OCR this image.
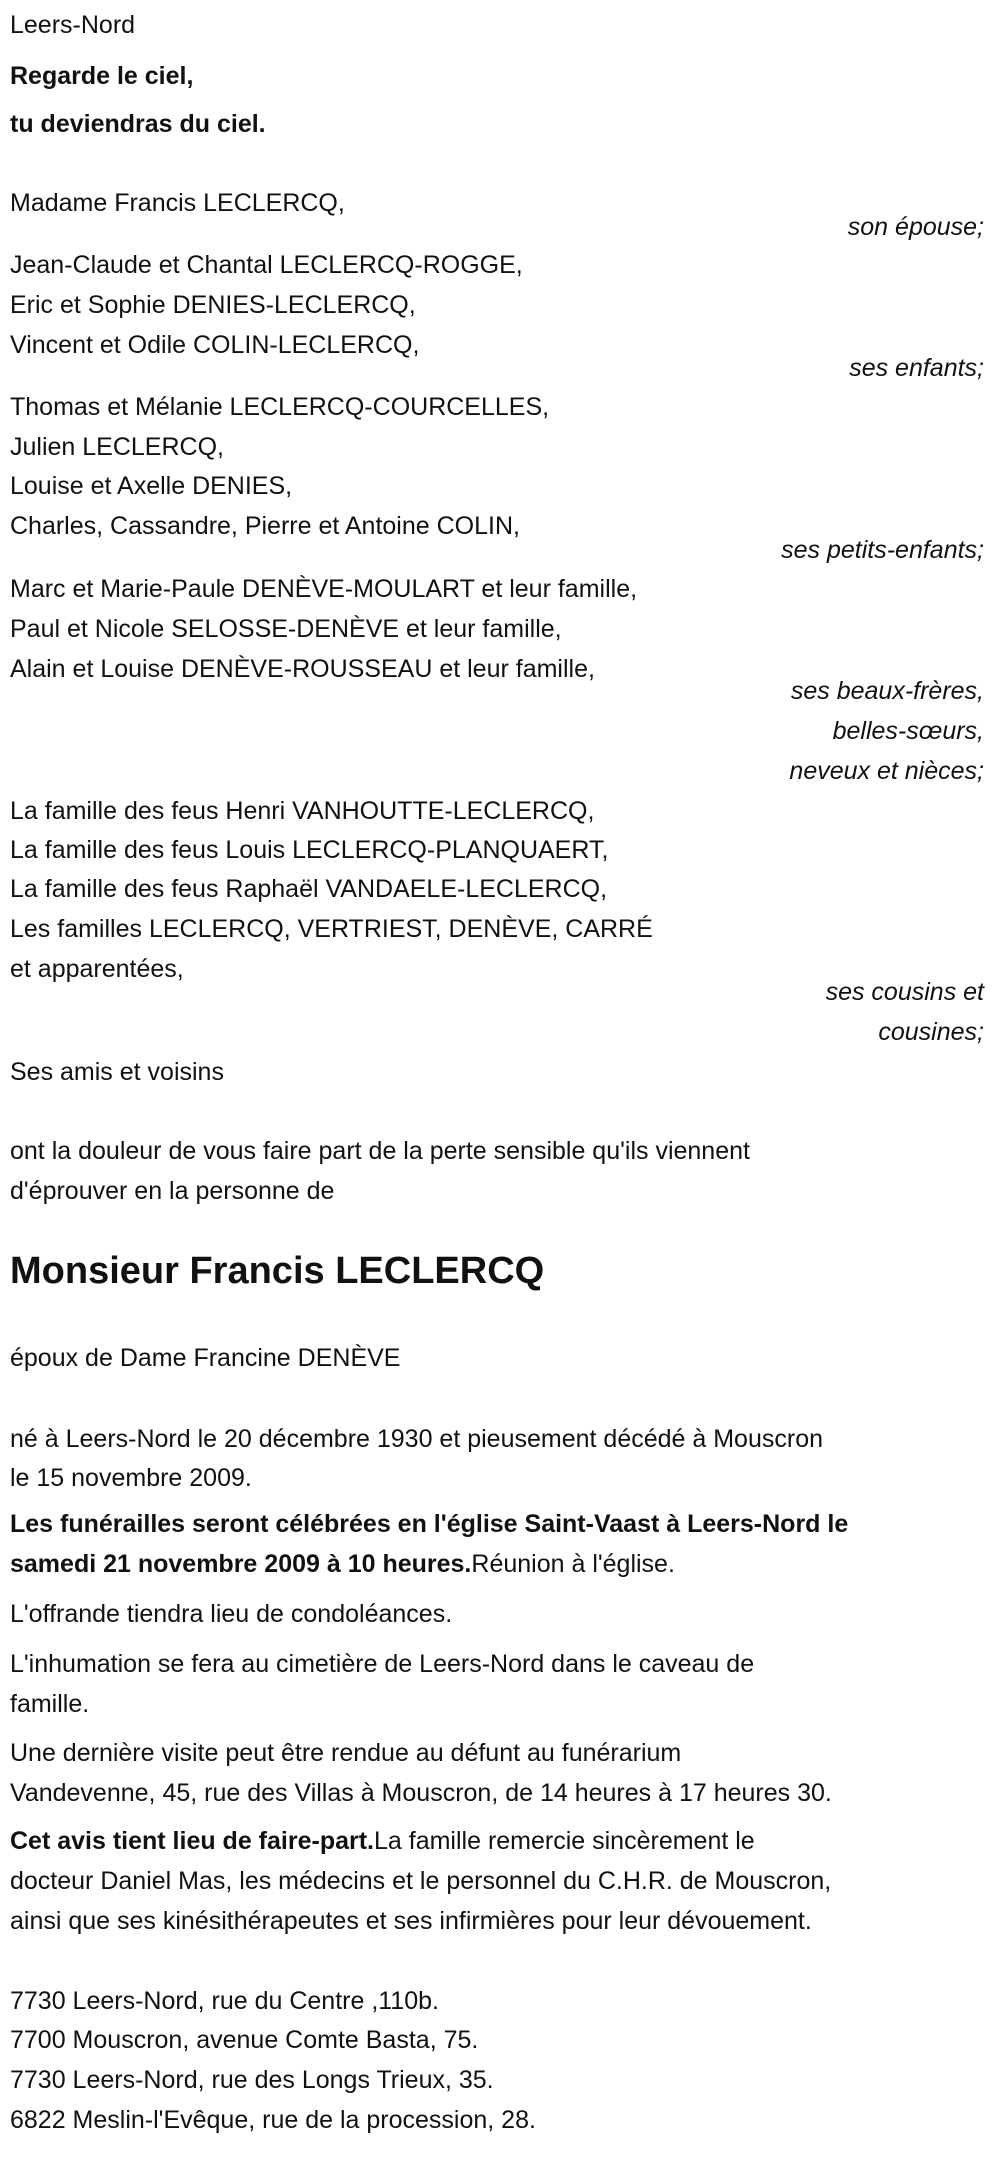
Leers-Nord
Regarde le ciel,
tu deviendras du ciel.
Madame Francis LECLERCQ,
son épouse;
Jean-Claude et Chantal LECLERCQ-ROGGE,
Eric et Sophie DENIES-LECLERCQ,
Vincent et Odile COLIN-LECLERCQ,
ses enfants;
Thomas et Mélanie LECLERCQ-COURCELLES,
Julien LECLERCQ,
Louise et Axelle DENIES,
Charles, Cassandre, Pierre et Antoine COLIN,
ses petits-enfants;
Marc et Marie-Paule DENÈVE-MOULART et leur famille,
Paul et Nicole SELOSSE-DENÈVE et leur famille,
Alain et Louise DENÈVE-ROUSSEAU et leur famille,
ses beaux-frères,
belles-sœurs,
neveux et nièces;
La famille des feus Henri VANHOUTTE-LECLERCQ,
La famille des feus Louis LECLERCQ-PLANQUAERT,
La famille des feus Raphaël VANDAELE-LECLERCQ,
Les familles LECLERCQ, VERTRIEST, DENÈVE, CARRÉ
et apparentées,
ses cousins et
cousines;
Ses amis et voisins
ont la douleur de vous faire part de la perte sensible qu'ils viennent
d'éprouver en la personne de
Monsieur Francis LECLERCQ
époux de Dame Francine DENÈVE
né à Leers-Nord le 20 décembre 1930 et pieusement décédé à Mouscron
le 15 novembre 2009.
Les funérailles seront célébrées en l'église Saint-Vaast à Leers-Nord le
samedi 21 novembre 2009 à 10 heures.Réunion à l'église.
L'offrande tiendra lieu de condoléances.
L'inhumation se fera au cimetière de Leers-Nord dans le caveau de
famille.
Une dernière visite peut être rendue au défunt au funérarium
Vandevenne, 45, rue des Villas à Mouscron, de 14 heures à 17 heures 30.
Cet avis tient lieu de faire-part.La famille remercie sincèrement le
docteur Daniel Mas, les médecins et le personnel du C.H.R. de Mouscron,
ainsi que ses kinésithérapeutes et ses infirmières pour leur dévouement.
7730 Leers-Nord, rue du Centre ,110b.
7700 Mouscron, avenue Comte Basta, 75.
7730 Leers-Nord, rue des Longs Trieux, 35.
6822 Meslin-l'Evêque, rue de la procession, 28.
